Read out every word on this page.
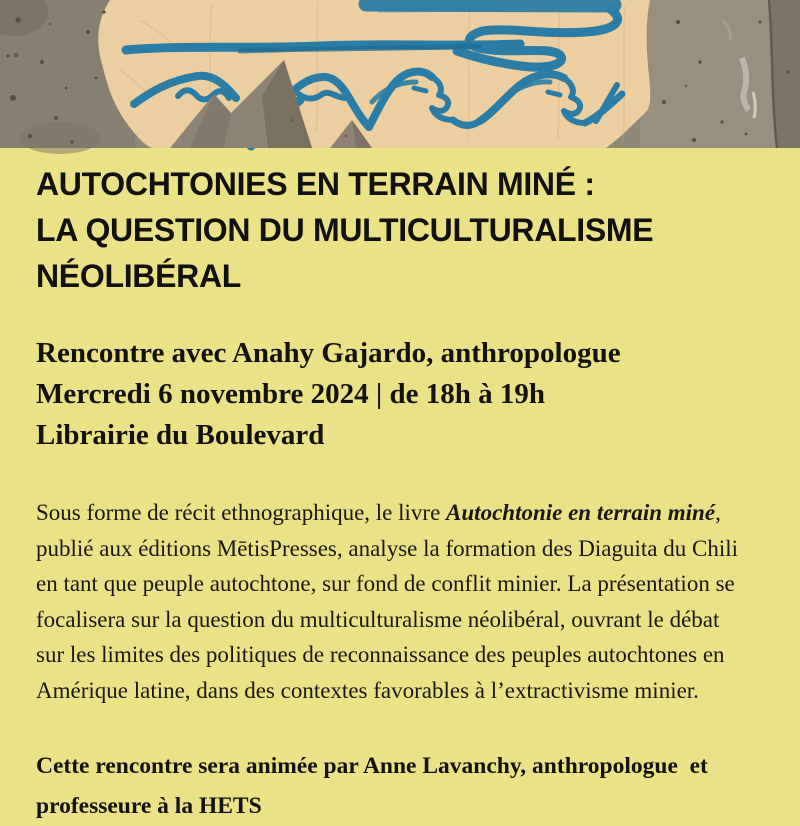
AUTOCHTONIES EN TERRAIN MINÉ :
LA QUESTION DU MULTICULTURALISME
NÉOLIBÉRAL
Rencontre avec Anahy Gajardo, anthropologue
Mercredi 6 novembre 2024 | de 18h à 19h
Librairie du Boulevard

Sous forme de récit ethnographique, le livre Autochtonie en terrain miné,
publié aux éditions MētisPresses, analyse la formation des Diaguita du Chili
en tant que peuple autochtone, sur fond de conflit minier. La présentation se
focalisera sur la question du multiculturalisme néolibéral, ouvrant le débat
sur les limites des politiques de reconnaissance des peuples autochtones en
Amérique latine, dans des contextes favorables à l’extractivisme minier.

Cette rencontre sera animée par Anne Lavanchy, anthropologue  et
professeure à la HETS
